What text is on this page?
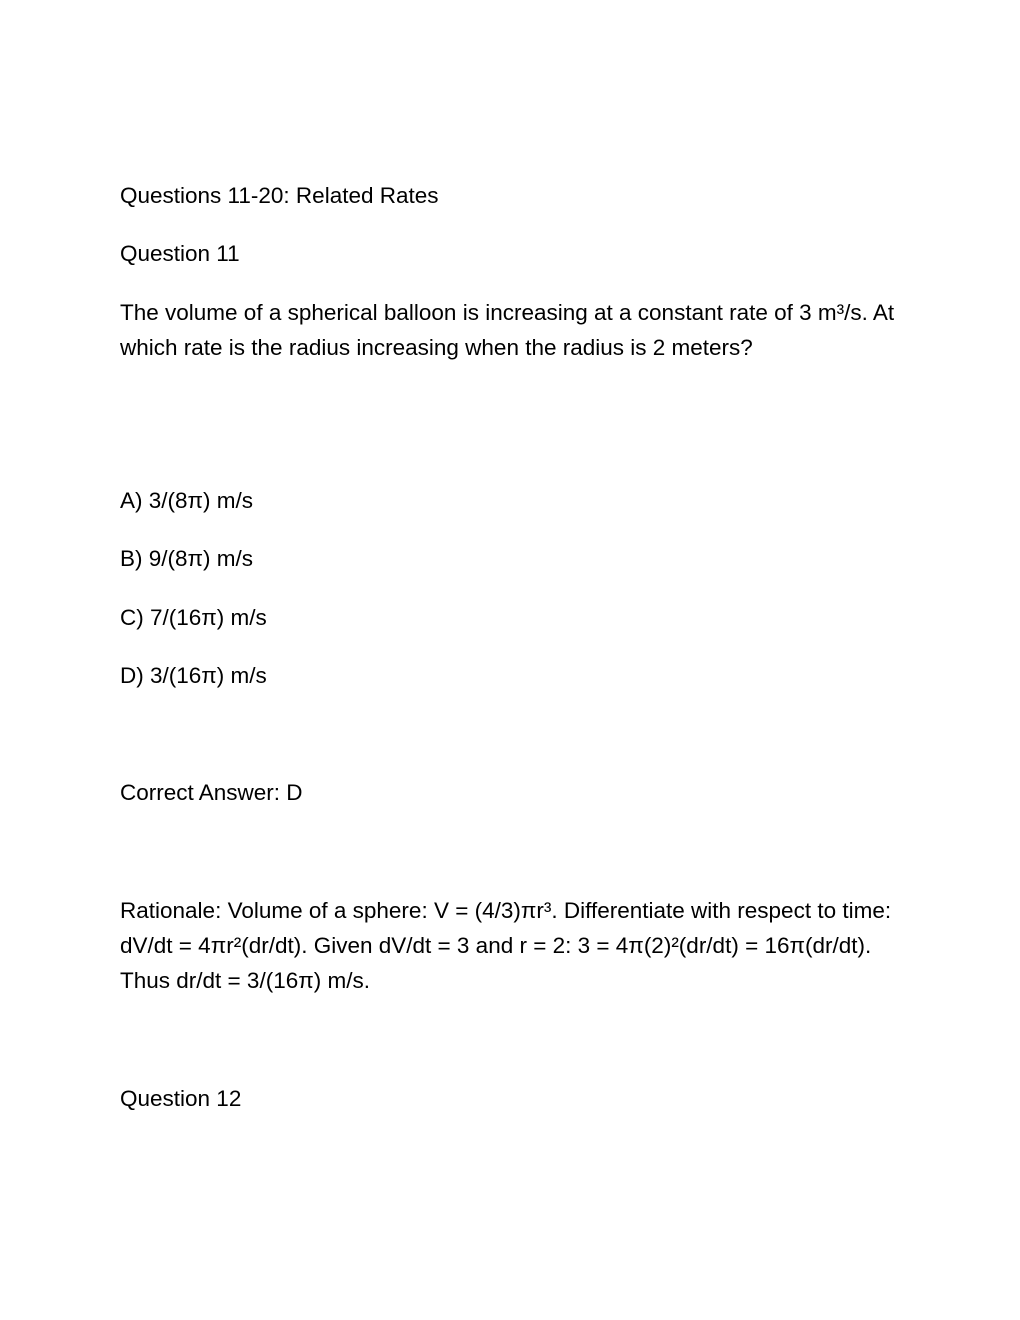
Questions 11-20: Related Rates

Question 11

The volume of a spherical balloon is increasing at a constant rate of 3 m³/s. At which rate is the radius increasing when the radius is 2 meters?

A) 3/(8π) m/s

B) 9/(8π) m/s

C) 7/(16π) m/s

D) 3/(16π) m/s

Correct Answer: D

Rationale: Volume of a sphere: V = (4/3)πr³. Differentiate with respect to time: dV/dt = 4πr²(dr/dt). Given dV/dt = 3 and r = 2: 3 = 4π(2)²(dr/dt) = 16π(dr/dt). Thus dr/dt = 3/(16π) m/s.

Question 12
